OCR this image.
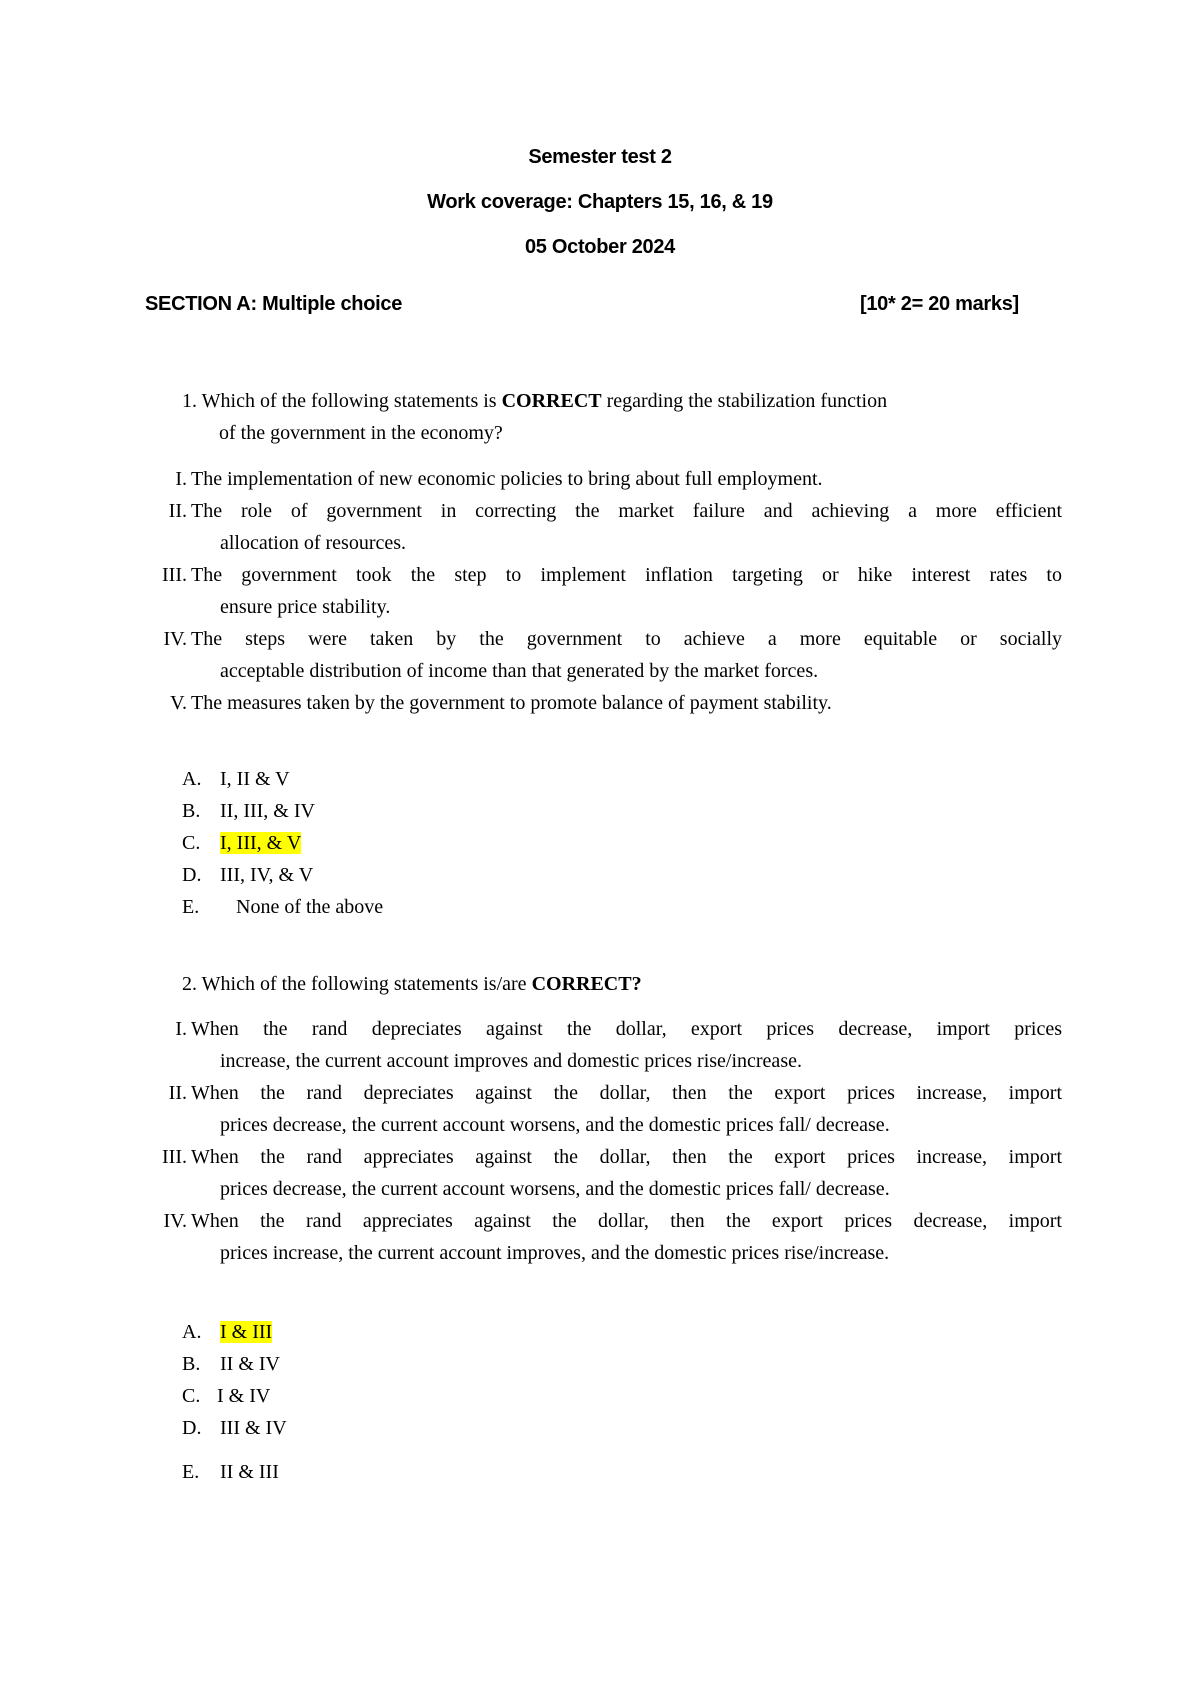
Semester test 2
Work coverage: Chapters 15, 16, & 19
05 October 2024
SECTION A: Multiple choice	[10* 2= 20 marks]
1. Which of the following statements is CORRECT regarding the stabilization function
of the government in the economy?
I. The implementation of new economic policies to bring about full employment.
II. The role of government in correcting the market failure and achieving a more efficient
allocation of resources.
III. The government took the step to implement inflation targeting or hike interest rates to
ensure price stability.
IV. The steps were taken by the government to achieve a more equitable or socially
acceptable distribution of income than that generated by the market forces.
V. The measures taken by the government to promote balance of payment stability.
A. I, II & V
B. II, III, & IV
C. I, III, & V
D. III, IV, & V
E. None of the above
2. Which of the following statements is/are CORRECT?
I. When the rand depreciates against the dollar, export prices decrease, import prices
increase, the current account improves and domestic prices rise/increase.
II. When the rand depreciates against the dollar, then the export prices increase, import
prices decrease, the current account worsens, and the domestic prices fall/ decrease.
III. When the rand appreciates against the dollar, then the export prices increase, import
prices decrease, the current account worsens, and the domestic prices fall/ decrease.
IV. When the rand appreciates against the dollar, then the export prices decrease, import
prices increase, the current account improves, and the domestic prices rise/increase.
A. I & III
B. II & IV
C. I & IV
D. III & IV
E. II & III
